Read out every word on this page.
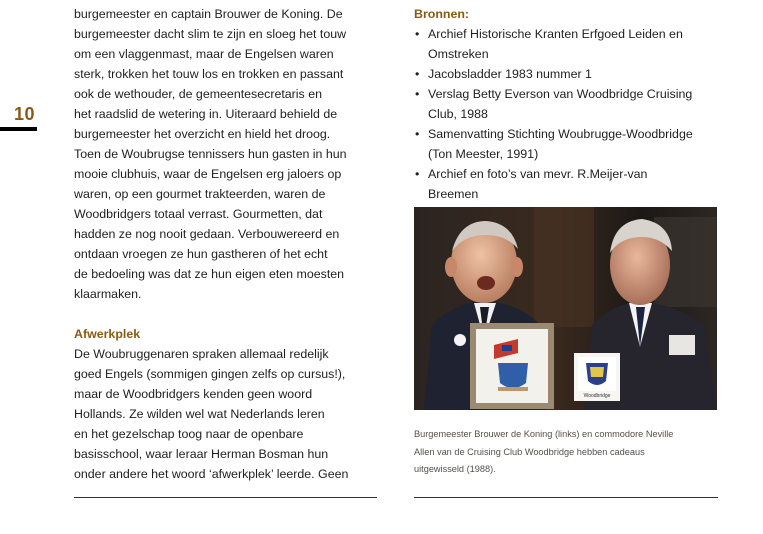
10
burgemeester en captain Brouwer de Koning. De
burgemeester dacht slim te zijn en sloeg het touw
om een vlaggenmast, maar de Engelsen waren
sterk, trokken het touw los en trokken en passant
ook de wethouder, de gemeentesecretaris en
het raadslid de wetering in. Uiteraard behield de
burgemeester het overzicht en hield het droog.
Toen de Woubrugse tennissers hun gasten in hun
mooie clubhuis, waar de Engelsen erg jaloers op
waren, op een gourmet trakteerden, waren de
Woodbridgers totaal verrast. Gourmetten, dat
hadden ze nog nooit gedaan. Verbouwereerd en
ontdaan vroegen ze hun gastheren of het echt
de bedoeling was dat ze hun eigen eten moesten
klaarmaken.
Afwerkplek
De Woubruggenaren spraken allemaal redelijk
goed Engels (sommigen gingen zelfs op cursus!),
maar de Woodbridgers kenden geen woord
Hollands. Ze wilden wel wat Nederlands leren
en het gezelschap toog naar de openbare
basisschool, waar leraar Herman Bosman hun
onder andere het woord ‘afwerkplek’ leerde. Geen
Bronnen:
• Archief Historische Kranten Erfgoed Leiden en
Omstreken
• Jacobsladder 1983 nummer 1
• Verslag Betty Everson van Woodbridge Cruising
Club, 1988
• Samenvatting Stichting Woubrugge-Woodbridge
(Ton Meester, 1991)
• Archief en foto’s van mevr. R.Meijer-van
Breemen
Woodbridge
Burgemeester Brouwer de Koning (links) en commodore Neville
Allen van de Cruising Club Woodbridge hebben cadeaus
uitgewisseld (1988).
